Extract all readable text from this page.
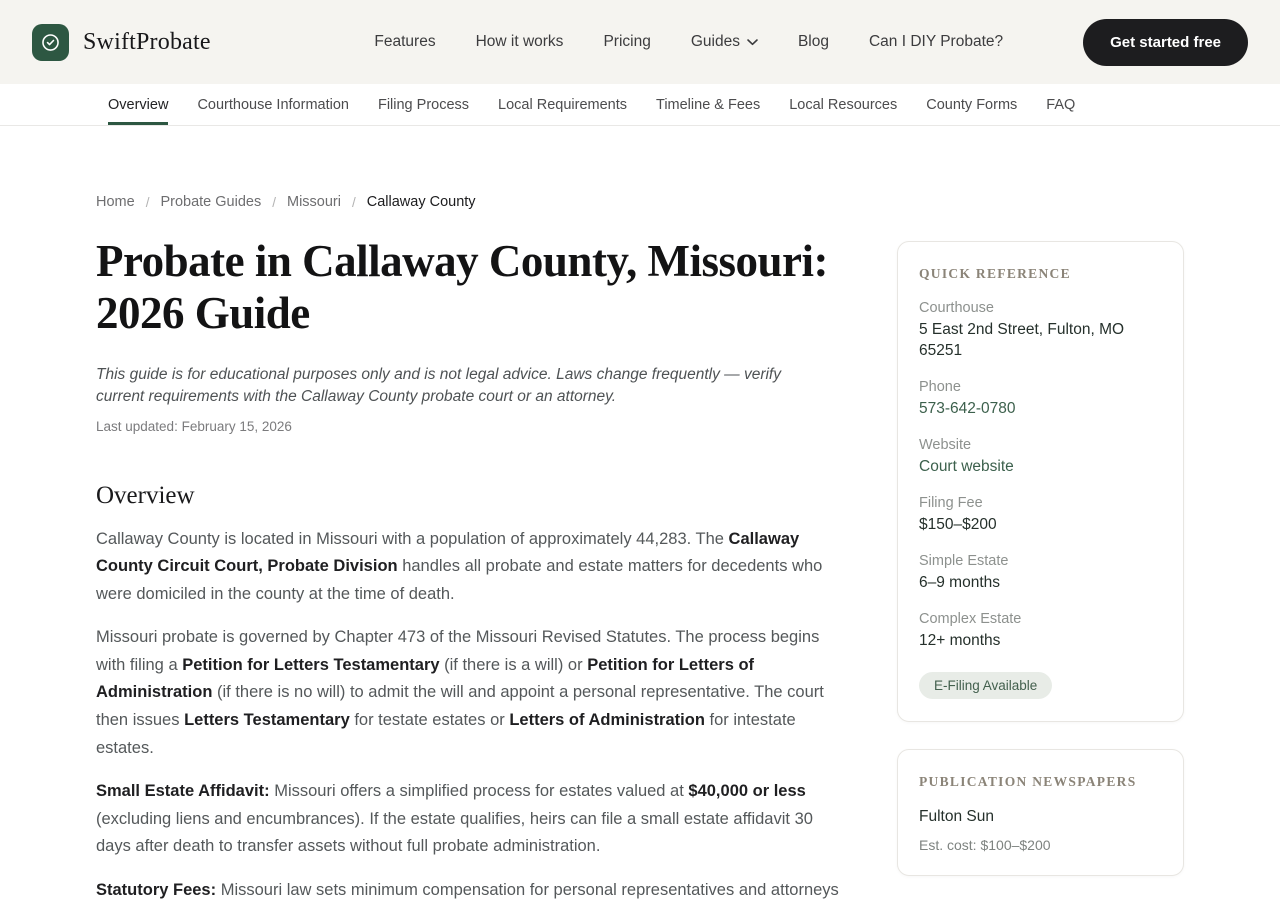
SwiftProbate	Features	How it works	Pricing	Guides	Blog	Can I DIY Probate?	Get started free
Overview Courthouse Information Filing Process Local Requirements Timeline & Fees Local Resources County Forms FAQ
Home / Probate Guides / Missouri / Callaway County
Probate in Callaway County, Missouri: 2026 Guide

This guide is for educational purposes only and is not legal advice. Laws change frequently — verify current requirements with the Callaway County probate court or an attorney.

Last updated: February 15, 2026

Overview

Callaway County is located in Missouri with a population of approximately 44,283. The Callaway County Circuit Court, Probate Division handles all probate and estate matters for decedents who were domiciled in the county at the time of death.

Missouri probate is governed by Chapter 473 of the Missouri Revised Statutes. The process begins with filing a Petition for Letters Testamentary (if there is a will) or Petition for Letters of Administration (if there is no will) to admit the will and appoint a personal representative. The court then issues Letters Testamentary for testate estates or Letters of Administration for intestate estates.

Small Estate Affidavit: Missouri offers a simplified process for estates valued at $40,000 or less (excluding liens and encumbrances). If the estate qualifies, heirs can file a small estate affidavit 30 days after death to transfer assets without full probate administration.

Statutory Fees: Missouri law sets minimum compensation for personal representatives and attorneys

QUICK REFERENCE
Courthouse
5 East 2nd Street, Fulton, MO 65251
Phone
573-642-0780
Website
Court website
Filing Fee
$150–$200
Simple Estate
6–9 months
Complex Estate
12+ months
E-Filing Available
PUBLICATION NEWSPAPERS
Fulton Sun
Est. cost: $100–$200
